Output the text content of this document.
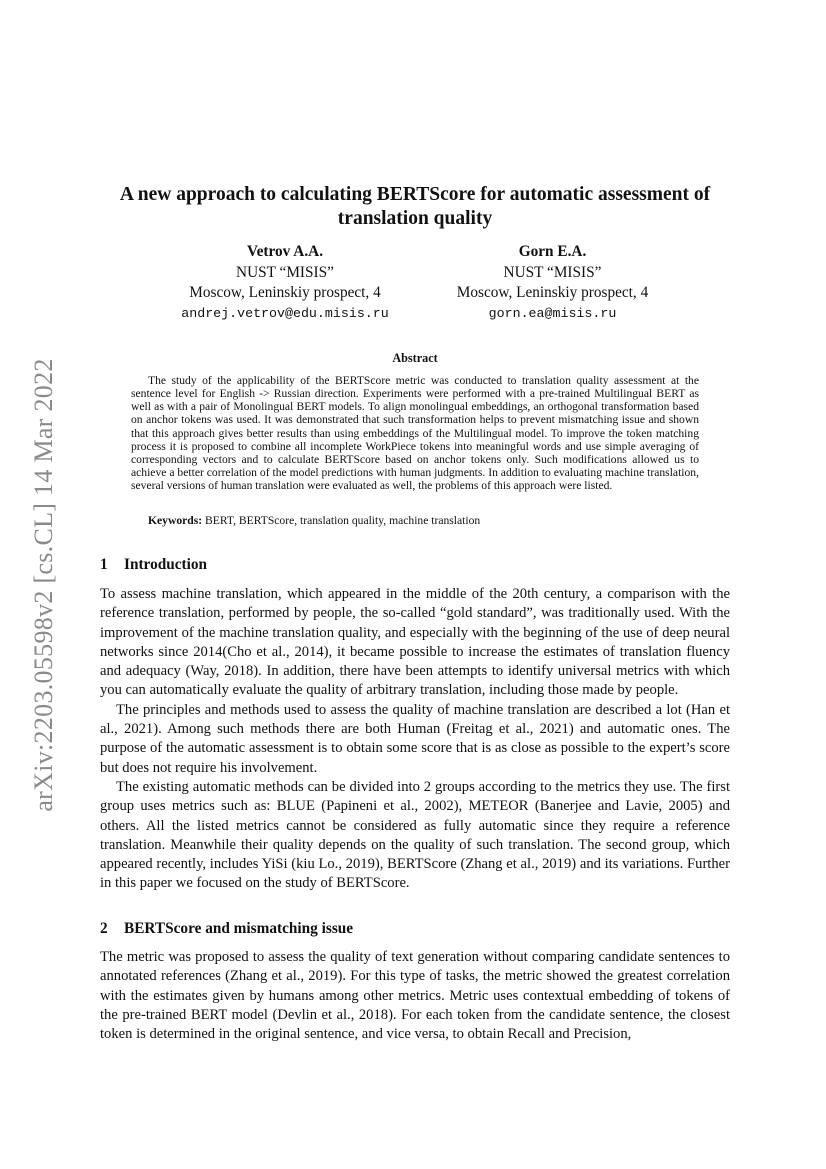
arXiv:2203.05598v2 [cs.CL] 14 Mar 2022
A new approach to calculating BERTScore for automatic assessment of translation quality
Vetrov A.A.
NUST “MISIS”
Moscow, Leninskiy prospect, 4
andrej.vetrov@edu.misis.ru
Gorn E.A.
NUST “MISIS”
Moscow, Leninskiy prospect, 4
gorn.ea@misis.ru
Abstract

The study of the applicability of the BERTScore metric was conducted to translation quality assessment at the sentence level for English -> Russian direction. Experiments were performed with a pre-trained Multilingual BERT as well as with a pair of Monolingual BERT models. To align monolingual embeddings, an orthogonal transformation based on anchor tokens was used. It was demonstrated that such transformation helps to prevent mismatching issue and shown that this approach gives better results than using embeddings of the Multilingual model. To improve the token matching process it is proposed to combine all incomplete WorkPiece tokens into meaningful words and use simple averaging of corresponding vectors and to calculate BERTScore based on anchor tokens only. Such modifications allowed us to achieve a better correlation of the model predictions with human judgments. In addition to evaluating machine translation, several versions of human translation were evaluated as well, the problems of this approach were listed.

Keywords: BERT, BERTScore, translation quality, machine translation

1 Introduction

To assess machine translation, which appeared in the middle of the 20th century, a comparison with the reference translation, performed by people, the so-called “gold standard”, was traditionally used. With the improvement of the machine translation quality, and especially with the beginning of the use of deep neural networks since 2014(Cho et al., 2014), it became possible to increase the estimates of translation fluency and adequacy (Way, 2018). In addition, there have been attempts to identify universal metrics with which you can automatically evaluate the quality of arbitrary translation, including those made by people.

The principles and methods used to assess the quality of machine translation are described a lot (Han et al., 2021). Among such methods there are both Human (Freitag et al., 2021) and automatic ones. The purpose of the automatic assessment is to obtain some score that is as close as possible to the expert’s score but does not require his involvement.

The existing automatic methods can be divided into 2 groups according to the metrics they use. The first group uses metrics such as: BLUE (Papineni et al., 2002), METEOR (Banerjee and Lavie, 2005) and others. All the listed metrics cannot be considered as fully automatic since they require a reference translation. Meanwhile their quality depends on the quality of such translation. The second group, which appeared recently, includes YiSi (kiu Lo., 2019), BERTScore (Zhang et al., 2019) and its variations. Further in this paper we focused on the study of BERTScore.

2 BERTScore and mismatching issue

The metric was proposed to assess the quality of text generation without comparing candidate sentences to annotated references (Zhang et al., 2019). For this type of tasks, the metric showed the greatest correlation with the estimates given by humans among other metrics. Metric uses contextual embedding of tokens of the pre-trained BERT model (Devlin et al., 2018). For each token from the candidate sentence, the closest token is determined in the original sentence, and vice versa, to obtain Recall and Precision,
